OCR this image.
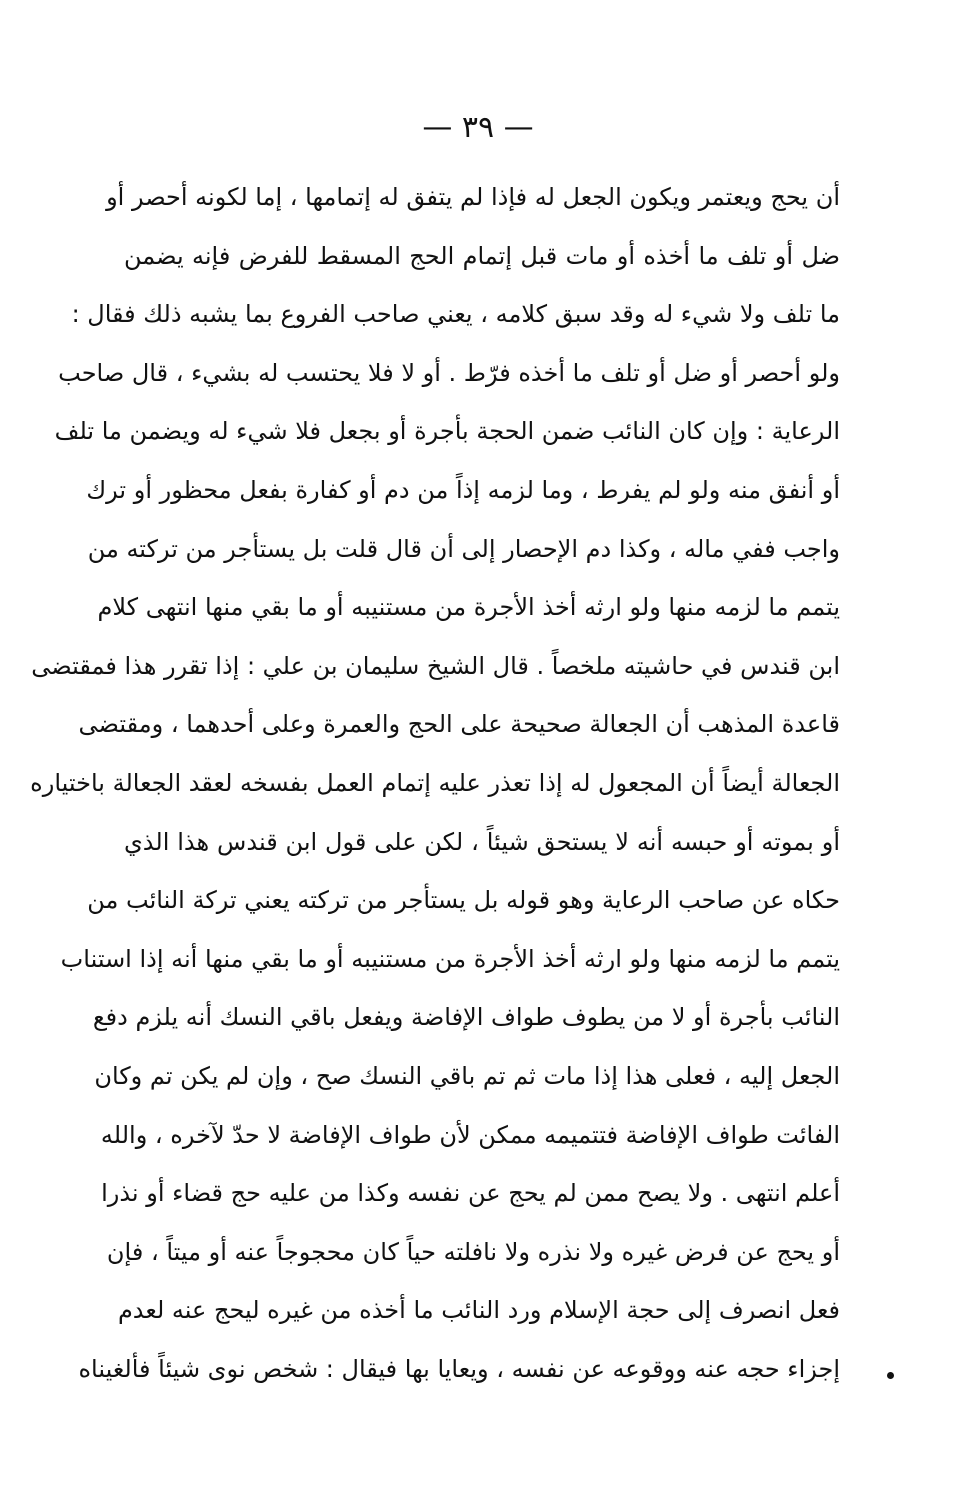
— ٣٩ —
أن يحج ويعتمر ويكون الجعل له فإذا لم يتفق له إتمامها ، إما لكونه أحصر أو
ضل أو تلف ما أخذه أو مات قبل إتمام الحج المسقط للفرض فإنه يضمن
ما تلف ولا شيء له وقد سبق كلامه ، يعني صاحب الفروع بما يشبه ذلك فقال :
ولو أحصر أو ضل أو تلف ما أخذه فرّط . أو لا فلا يحتسب له بشيء ، قال صاحب
الرعاية : وإن كان النائب ضمن الحجة بأجرة أو بجعل فلا شيء له ويضمن ما تلف
أو أنفق منه ولو لم يفرط ، وما لزمه إذاً من دم أو كفارة بفعل محظور أو ترك
واجب ففي ماله ، وكذا دم الإحصار إلى أن قال قلت بل يستأجر من تركته من
يتمم ما لزمه منها ولو ارثه أخذ الأجرة من مستنيبه أو ما بقي منها انتهى كلام
ابن قندس في حاشيته ملخصاً . قال الشيخ سليمان بن علي : إذا تقرر هذا فمقتضى
قاعدة المذهب أن الجعالة صحيحة على الحج والعمرة وعلى أحدهما ، ومقتضى
الجعالة أيضاً أن المجعول له إذا تعذر عليه إتمام العمل بفسخه لعقد الجعالة باختياره
أو بموته أو حبسه أنه لا يستحق شيئاً ، لكن على قول ابن قندس هذا الذي
حكاه عن صاحب الرعاية وهو قوله بل يستأجر من تركته يعني تركة النائب من
يتمم ما لزمه منها ولو ارثه أخذ الأجرة من مستنيبه أو ما بقي منها أنه إذا استناب
النائب بأجرة أو لا من يطوف طواف الإفاضة ويفعل باقي النسك أنه يلزم دفع
الجعل إليه ، فعلى هذا إذا مات ثم تم باقي النسك صح ، وإن لم يكن تم وكان
الفائت طواف الإفاضة فتتميمه ممكن لأن طواف الإفاضة لا حدّ لآخره ، والله
أعلم انتهى . ولا يصح ممن لم يحج عن نفسه وكذا من عليه حج قضاء أو نذرا
أو يحج عن فرض غيره ولا نذره ولا نافلته حياً كان محجوجاً عنه أو ميتاً ، فإن
فعل انصرف إلى حجة الإسلام ورد النائب ما أخذه من غيره ليحج عنه لعدم
إجزاء حجه عنه ووقوعه عن نفسه ، ويعايا بها فيقال : شخص نوى شيئاً فألغيناه
